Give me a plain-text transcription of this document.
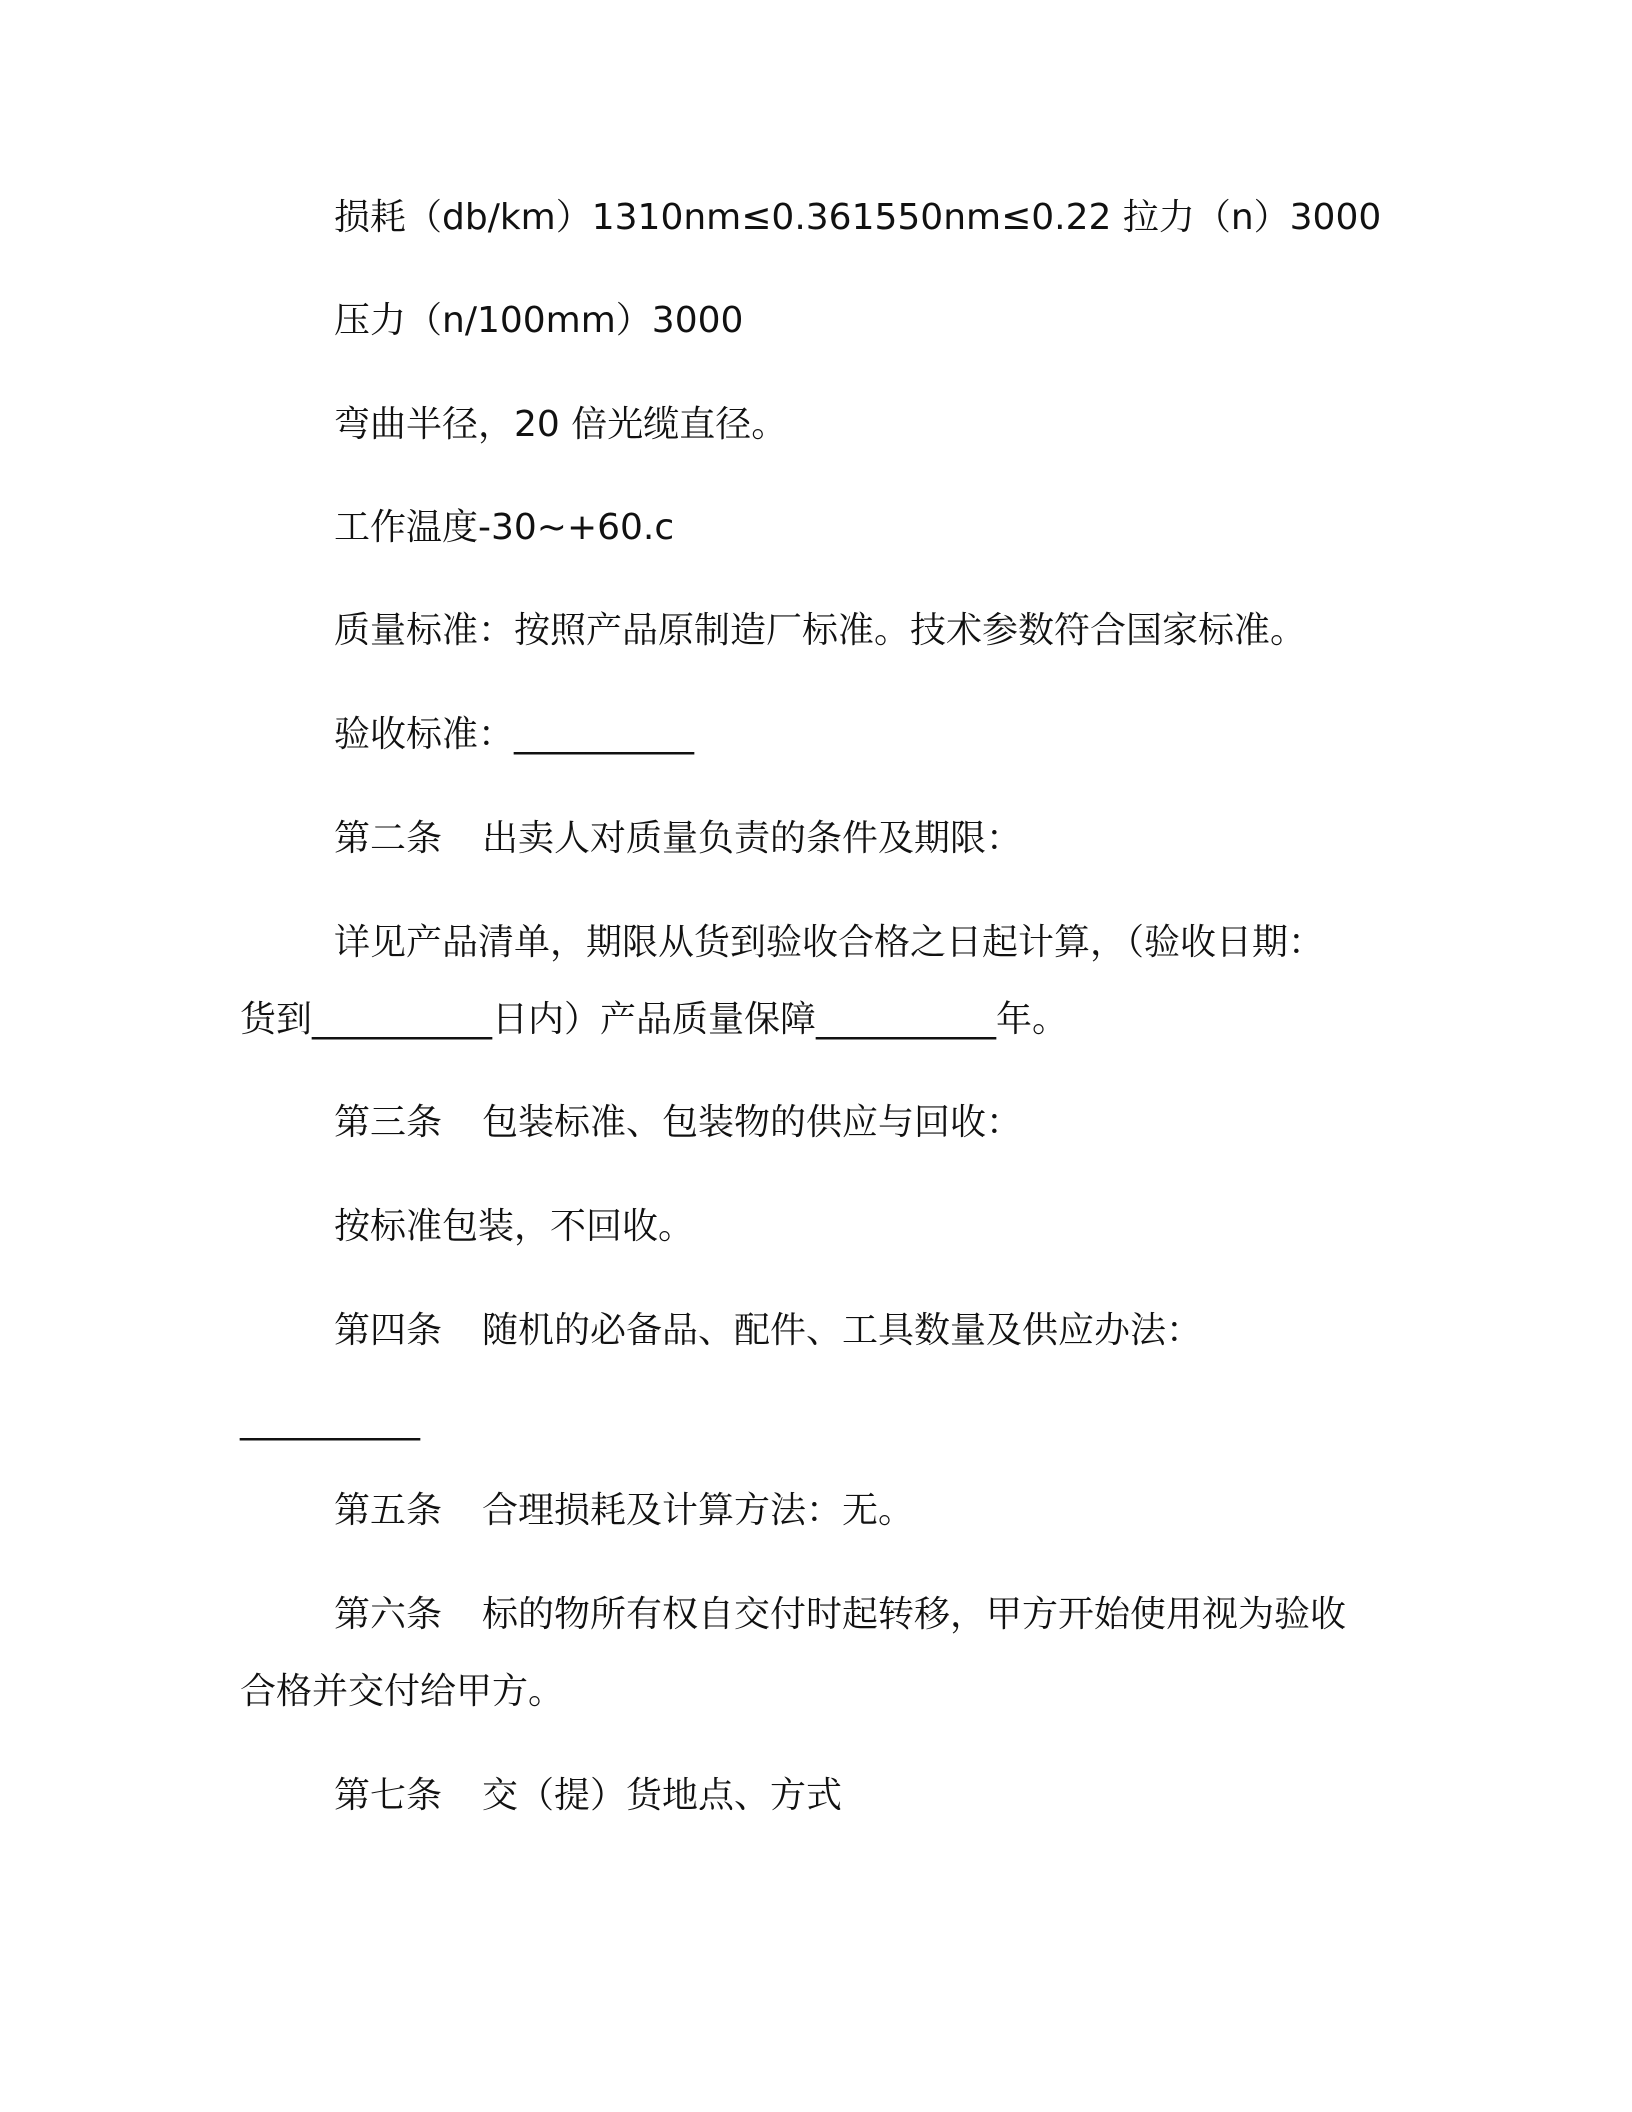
损耗（db/km）1310nm≤0.361550nm≤0.22 拉力（n）3000
压力（n/100mm）3000
弯曲半径，20 倍光缆直径。
工作温度-30~+60.c
质量标准：按照产品原制造厂标准。技术参数符合国家标准。
验收标准：__________
第二条 出卖人对质量负责的条件及期限：
详见产品清单，期限从货到验收合格之日起计算，（验收日期：
货到__________日内）产品质量保障__________年。
第三条 包装标准、包装物的供应与回收：
按标准包装，不回收。
第四条 随机的必备品、配件、工具数量及供应办法：
__________
第五条 合理损耗及计算方法：无。
第六条 标的物所有权自交付时起转移，甲方开始使用视为验收
合格并交付给甲方。
第七条 交（提）货地点、方式
